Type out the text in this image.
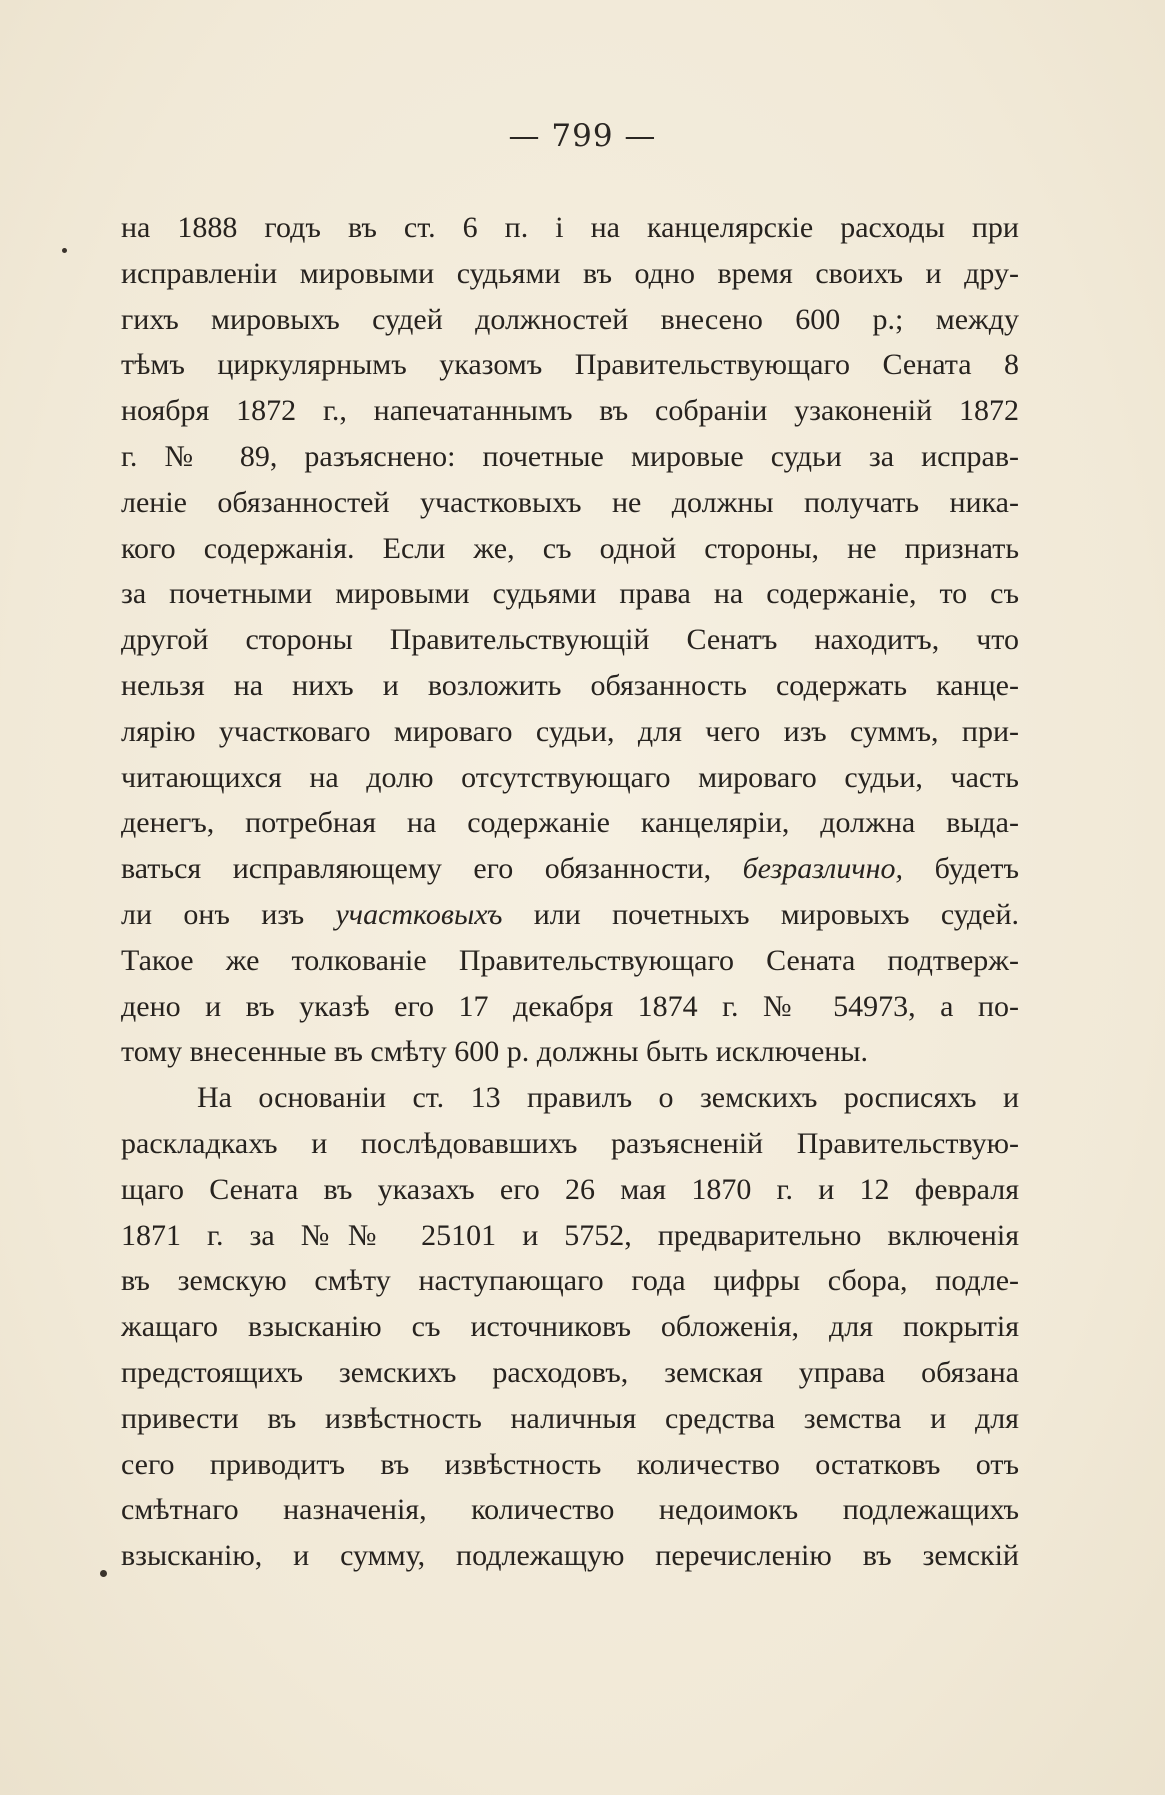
— 799 —
на 1888 годъ въ ст. 6 п. і на канцелярскіе расходы при
исправленіи мировыми судьями въ одно время своихъ и дру-
гихъ мировыхъ судей должностей внесено 600 р.; между
тѣмъ циркулярнымъ указомъ Правительствующаго Сената 8
ноября 1872 г., напечатаннымъ въ собраніи узаконеній 1872
г. № 89, разъяснено: почетные мировые судьи за исправ-
леніе обязанностей участковыхъ не должны получать ника-
кого содержанія. Если же, съ одной стороны, не признать
за почетными мировыми судьями права на содержаніе, то съ
другой стороны Правительствующій Сенатъ находитъ, что
нельзя на нихъ и возложить обязанность содержать канце-
лярію участковаго мироваго судьи, для чего изъ суммъ, при-
читающихся на долю отсутствующаго мироваго судьи, часть
денегъ, потребная на содержаніе канцеляріи, должна выда-
ваться исправляющему его обязанности, безразлично, будетъ
ли онъ изъ участковыхъ или почетныхъ мировыхъ судей.
Такое же толкованіе Правительствующаго Сената подтверж-
дено и въ указѣ его 17 декабря 1874 г. № 54973, а по-
тому внесенные въ смѣту 600 р. должны быть исключены.
На основаніи ст. 13 правилъ о земскихъ росписяхъ и
раскладкахъ и послѣдовавшихъ разъясненій Правительствую-
щаго Сената въ указахъ его 26 мая 1870 г. и 12 февраля
1871 г. за №№ 25101 и 5752, предварительно включенія
въ земскую смѣту наступающаго года цифры сбора, подле-
жащаго взысканію съ источниковъ обложенія, для покрытія
предстоящихъ земскихъ расходовъ, земская управа обязана
привести въ извѣстность наличныя средства земства и для
сего приводитъ въ извѣстность количество остатковъ отъ
смѣтнаго назначенія, количество недоимокъ подлежащихъ
взысканію, и сумму, подлежащую перечисленію въ земскій
